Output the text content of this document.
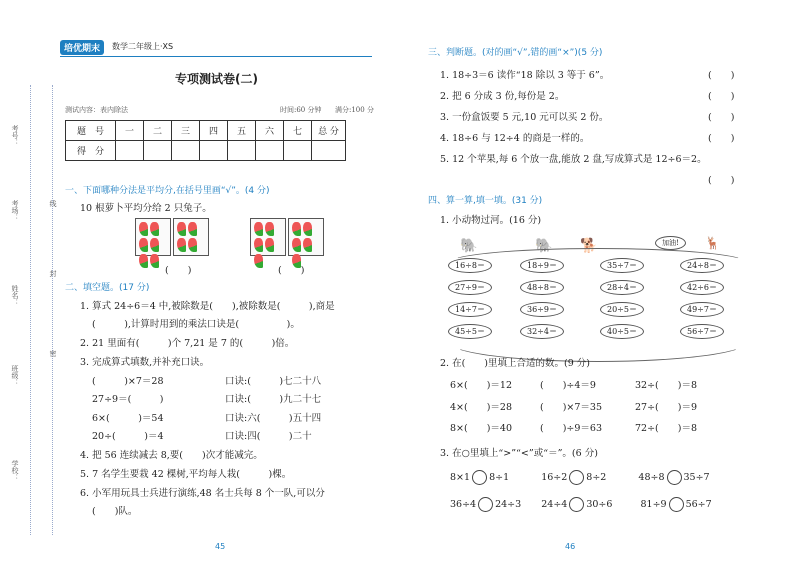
培优期末	数学二年级上·XS
专项测试卷(二)
测试内容：表内除法	时间:60 分钟 满分:100 分
考号：
考场：
姓名：
班级：
学校：
线
封
密
题　号	一	二	三	四	五	六	七	总 分
得　分								
一、下面哪种分法是平均分,在括号里画“√”。(4 分)
10 根萝卜平均分给 2 只兔子。
(　　)	(　　)
二、填空题。(17 分)
1. 算式 24÷6＝4 中,被除数是(　　),被除数是(　　　),商是
(　　　),计算时用到的乘法口诀是(　　　　　)。
2. 21 里面有(　　　)个 7,21 是 7 的(　　　)倍。
3. 完成算式填数,并补充口诀。
(　　　)×7＝28	口诀:(　　　)七二十八
27÷9＝(　　　)	口诀:(　　　)九二十七
6×(　　　)＝54	口诀:六(　　　)五十四
20÷(　　　)＝4	口诀:四(　　　)二十
4. 把 56 连续减去 8,要(　　)次才能减完。
5. 7 名学生要栽 42 棵树,平均每人栽(　　　)棵。
6. 小军用玩具士兵进行演练,48 名士兵每 8 个一队,可以分
(　　)队。
45
三、判断题。(对的画“√”,错的画“×”)(5 分)
1. 18÷3＝6 读作“18 除以 3 等于 6”。
2. 把 6 分成 3 份,每份是 2。
3. 一份盒饭要 5 元,10 元可以买 2 份。
4. 18÷6 与 12÷4 的商是一样的。
5. 12 个苹果,每 6 个放一盘,能放 2 盘,写成算式是 12÷6＝2。
(　　)
(　　)
(　　)
(　　)
(　　)
四、算一算,填一填。(31 分)
1. 小动物过河。(16 分)
🐘	🐘 🐕	加油!	🦌
2. 在(　　)里填上合适的数。(9 分)
6×(　　)＝12	(　　)÷4＝9	32÷(　　)＝8
4×(　　)＝28	(　　)×7＝35	27÷(　　)＝9
8×(　　)＝40	(　　)÷9＝63	72÷(　　)＝8
3. 在○里填上“>”“<”或“＝”。(6 分)
8×1 8÷1	16÷2 8÷2	48÷8 35÷7
36÷4 24÷3 24÷4 30÷6	81÷9 56÷7
46
16÷8＝	18÷9＝	35÷7＝	24÷8＝
27÷9＝	48÷8＝	28÷4＝	42÷6＝
14÷7＝	36÷9＝	20÷5＝	49÷7＝
45÷5＝	32÷4＝	40÷5＝	56÷7＝
